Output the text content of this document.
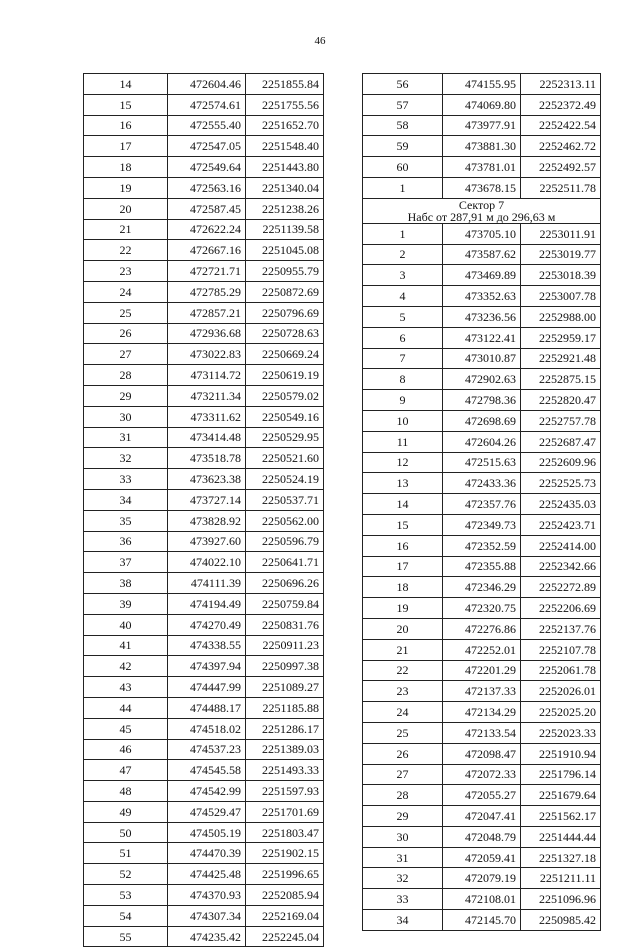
46
14	472604.46	2251855.84
15	472574.61	2251755.56
16	472555.40	2251652.70
17	472547.05	2251548.40
18	472549.64	2251443.80
19	472563.16	2251340.04
20	472587.45	2251238.26
21	472622.24	2251139.58
22	472667.16	2251045.08
23	472721.71	2250955.79
24	472785.29	2250872.69
25	472857.21	2250796.69
26	472936.68	2250728.63
27	473022.83	2250669.24
28	473114.72	2250619.19
29	473211.34	2250579.02
30	473311.62	2250549.16
31	473414.48	2250529.95
32	473518.78	2250521.60
33	473623.38	2250524.19
34	473727.14	2250537.71
35	473828.92	2250562.00
36	473927.60	2250596.79
37	474022.10	2250641.71
38	474111.39	2250696.26
39	474194.49	2250759.84
40	474270.49	2250831.76
41	474338.55	2250911.23
42	474397.94	2250997.38
43	474447.99	2251089.27
44	474488.17	2251185.88
45	474518.02	2251286.17
46	474537.23	2251389.03
47	474545.58	2251493.33
48	474542.99	2251597.93
49	474529.47	2251701.69
50	474505.19	2251803.47
51	474470.39	2251902.15
52	474425.48	2251996.65
53	474370.93	2252085.94
54	474307.34	2252169.04
55	474235.42	2252245.04
56	474155.95	2252313.11
57	474069.80	2252372.49
58	473977.91	2252422.54
59	473881.30	2252462.72
60	473781.01	2252492.57
1	473678.15	2252511.78

Сектор 7
Набс от 287,91 м до 296,63 м		

1	473705.10	2253011.91
2	473587.62	2253019.77
3	473469.89	2253018.39
4	473352.63	2253007.78
5	473236.56	2252988.00
6	473122.41	2252959.17
7	473010.87	2252921.48
8	472902.63	2252875.15
9	472798.36	2252820.47
10	472698.69	2252757.78
11	472604.26	2252687.47
12	472515.63	2252609.96
13	472433.36	2252525.73
14	472357.76	2252435.03
15	472349.73	2252423.71
16	472352.59	2252414.00
17	472355.88	2252342.66
18	472346.29	2252272.89
19	472320.75	2252206.69
20	472276.86	2252137.76
21	472252.01	2252107.78
22	472201.29	2252061.78
23	472137.33	2252026.01
24	472134.29	2252025.20
25	472133.54	2252023.33
26	472098.47	2251910.94
27	472072.33	2251796.14
28	472055.27	2251679.64
29	472047.41	2251562.17
30	472048.79	2251444.44
31	472059.41	2251327.18
32	472079.19	2251211.11
33	472108.01	2251096.96
34	472145.70	2250985.42
